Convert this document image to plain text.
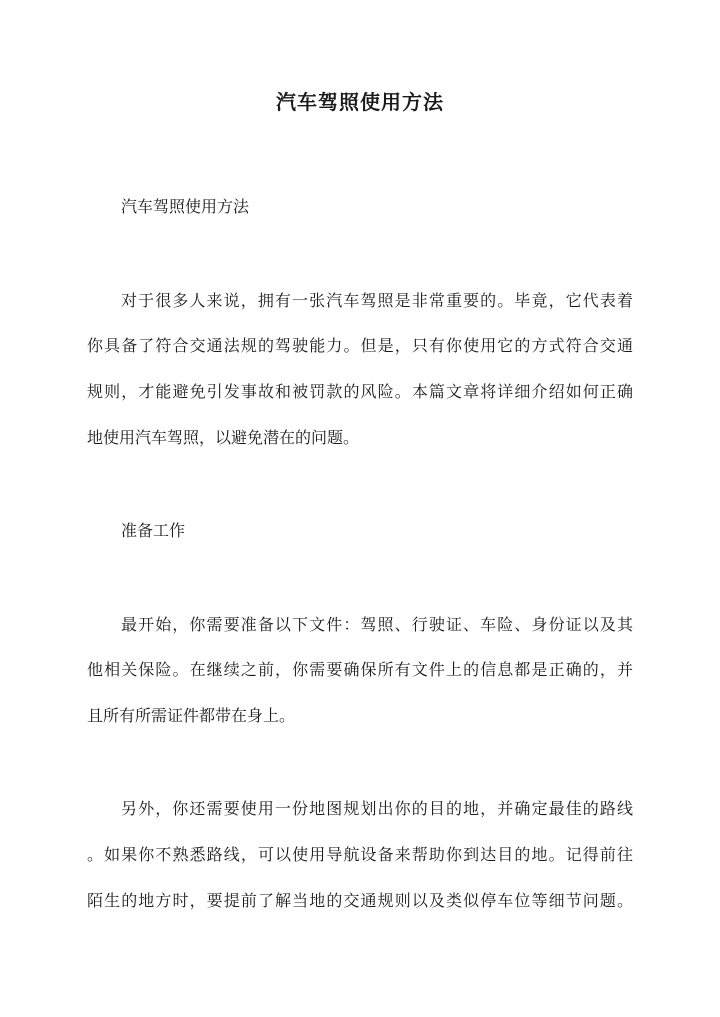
汽车驾照使用方法
汽车驾照使用方法
对于很多人来说，拥有一张汽车驾照是非常重要的。毕竟，它代表着
你具备了符合交通法规的驾驶能力。但是，只有你使用它的方式符合交通
规则，才能避免引发事故和被罚款的风险。本篇文章将详细介绍如何正确
地使用汽车驾照，以避免潜在的问题。
准备工作
最开始，你需要准备以下文件：驾照、行驶证、车险、身份证以及其
他相关保险。在继续之前，你需要确保所有文件上的信息都是正确的，并
且所有所需证件都带在身上。
另外，你还需要使用一份地图规划出你的目的地，并确定最佳的路线
。如果你不熟悉路线，可以使用导航设备来帮助你到达目的地。记得前往
陌生的地方时，要提前了解当地的交通规则以及类似停车位等细节问题。
